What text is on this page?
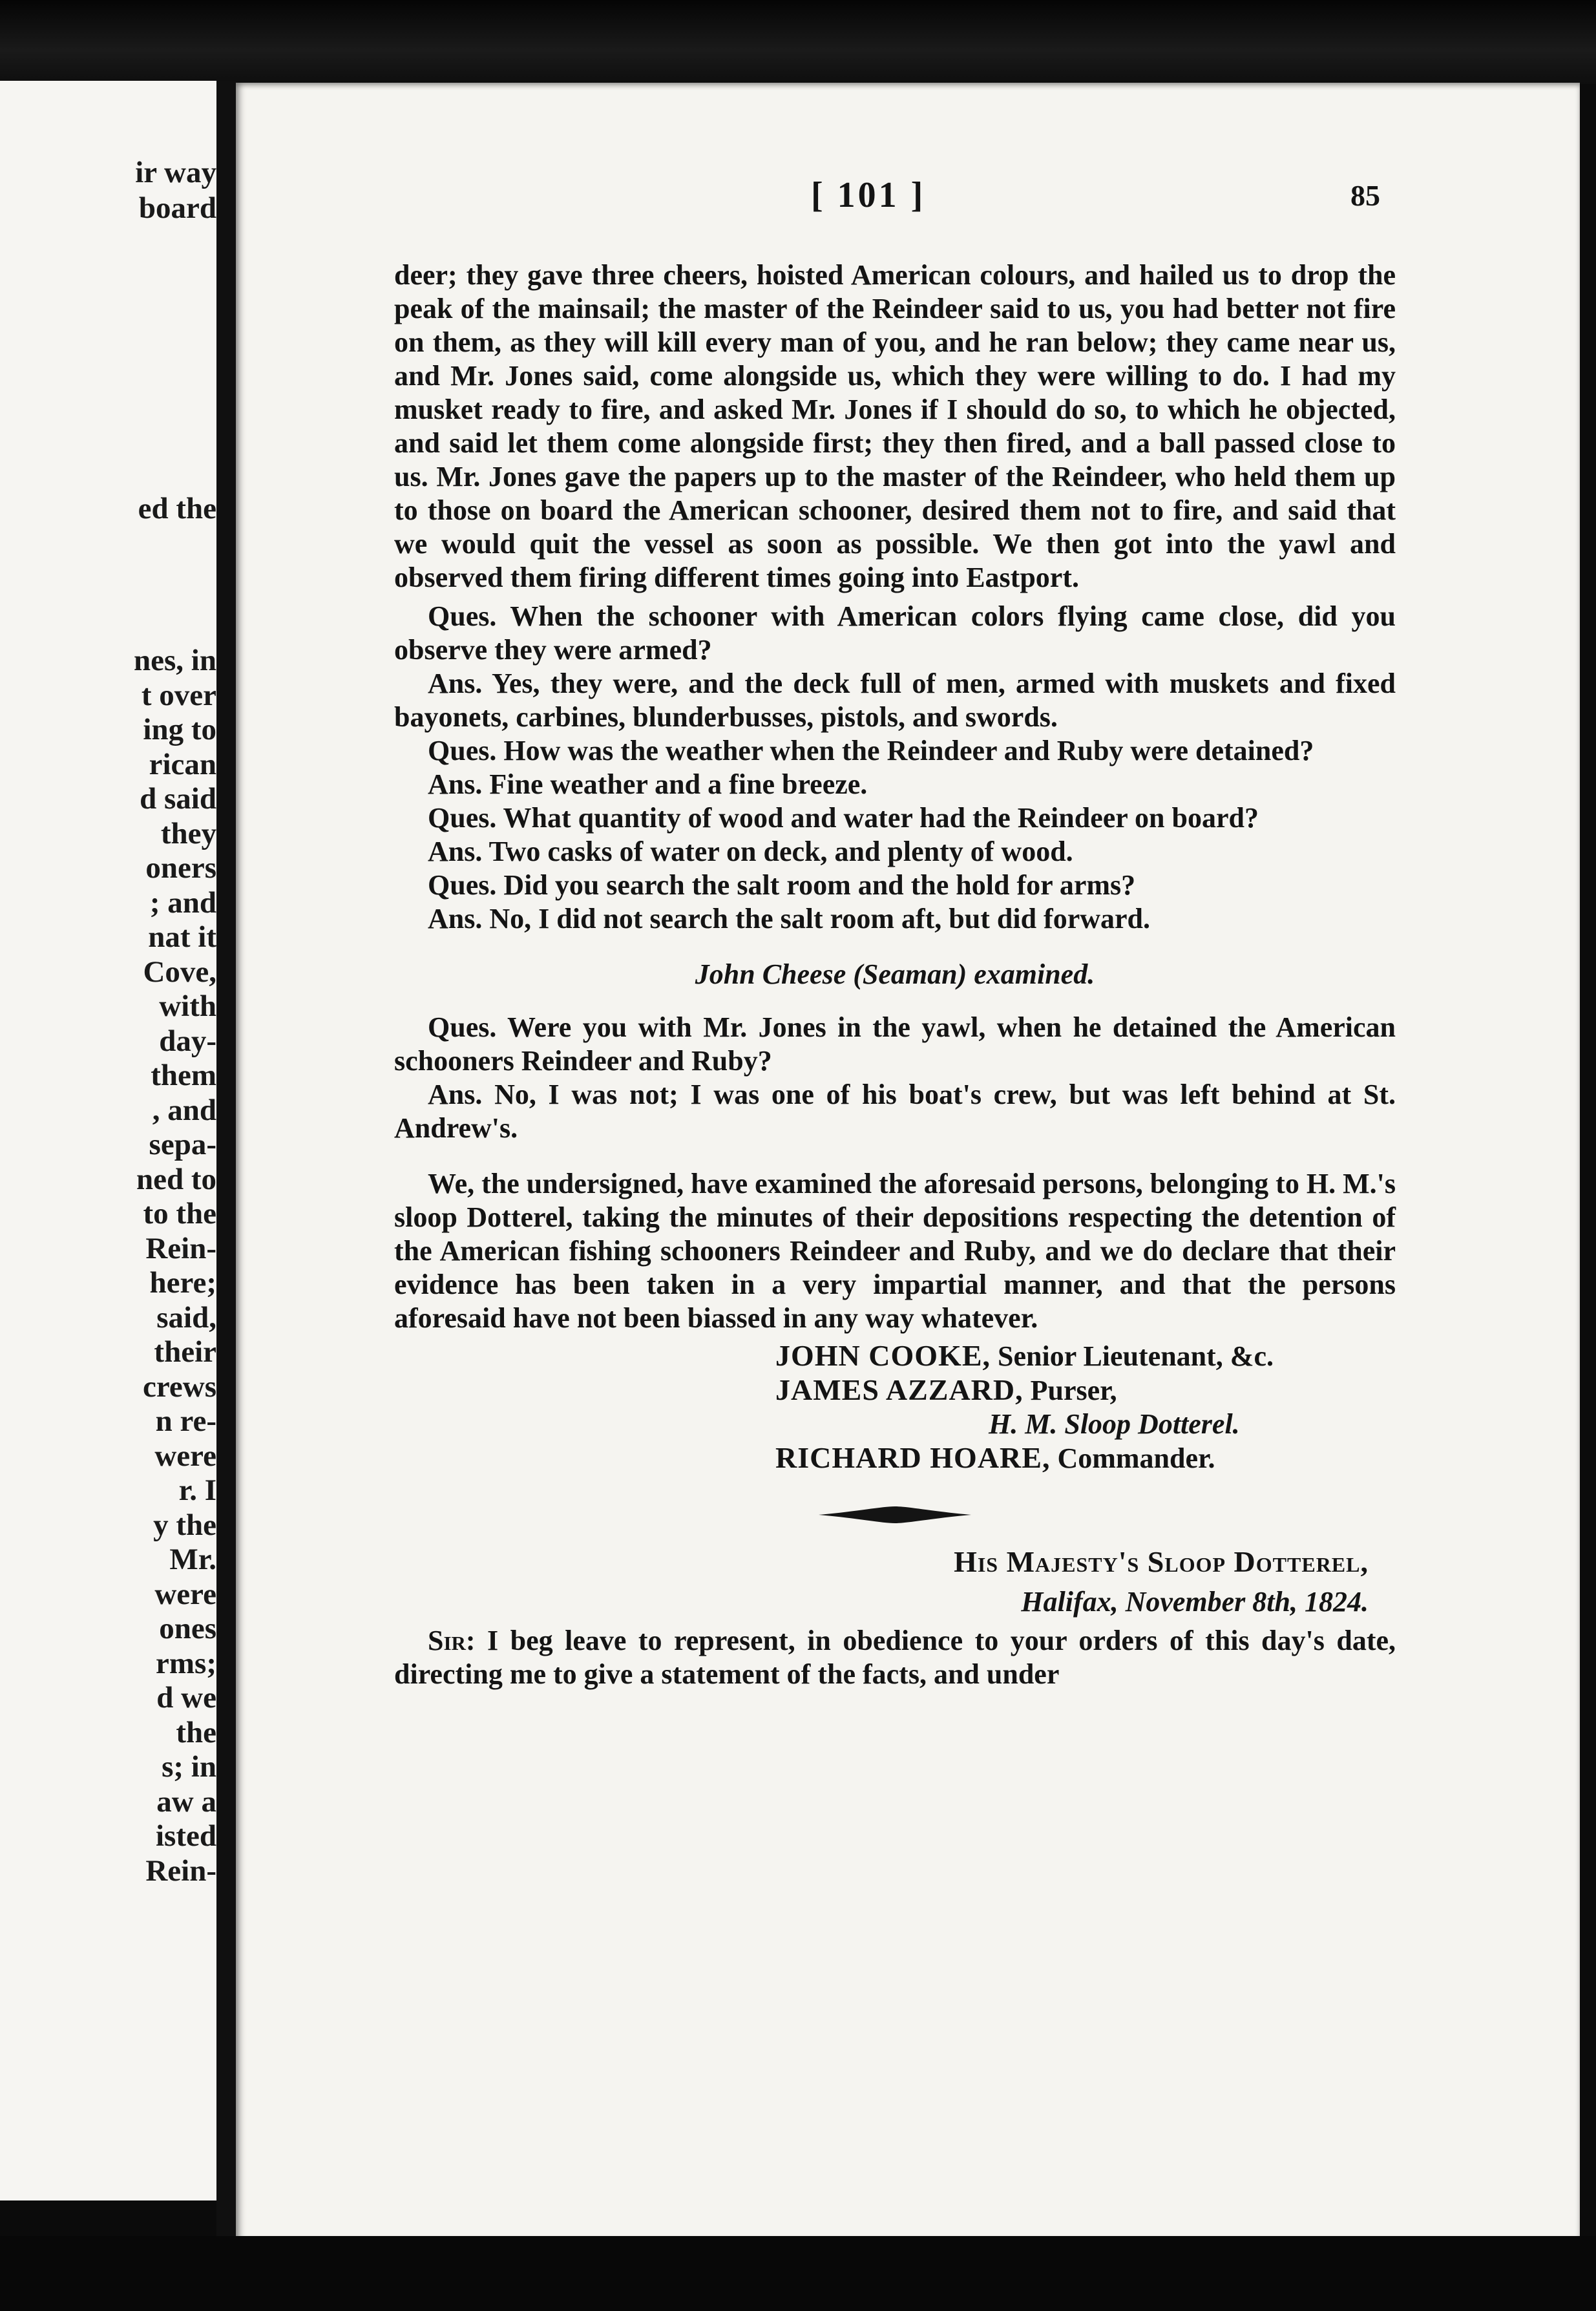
ir way
board
ed the
nes, in
t over
ing to
rican
d said
they
oners
; and
nat it
Cove,
with
day-
them
, and
sepa-
ned to
to the
Rein-
here;
said,
their
crews
n re-
were
r. I
y the
Mr.
were
ones
rms;
d we
the
s; in
aw a
isted
Rein-
[ 101 ]	85

deer; they gave three cheers, hoisted American colours, and hailed us to drop the peak of the mainsail; the master of the Reindeer said to us, you had better not fire on them, as they will kill every man of you, and he ran below; they came near us, and Mr. Jones said, come alongside us, which they were willing to do. I had my musket ready to fire, and asked Mr. Jones if I should do so, to which he objected, and said let them come alongside first; they then fired, and a ball passed close to us. Mr. Jones gave the papers up to the master of the Reindeer, who held them up to those on board the American schooner, desired them not to fire, and said that we would quit the vessel as soon as possible. We then got into the yawl and observed them firing different times going into Eastport.

Ques. When the schooner with American colors flying came close, did you observe they were armed?

Ans. Yes, they were, and the deck full of men, armed with muskets and fixed bayonets, carbines, blunderbusses, pistols, and swords.

Ques. How was the weather when the Reindeer and Ruby were detained?

Ans. Fine weather and a fine breeze.

Ques. What quantity of wood and water had the Reindeer on board?

Ans. Two casks of water on deck, and plenty of wood.

Ques. Did you search the salt room and the hold for arms?

Ans. No, I did not search the salt room aft, but did forward.

John Cheese (Seaman) examined.

Ques. Were you with Mr. Jones in the yawl, when he detained the American schooners Reindeer and Ruby?

Ans. No, I was not; I was one of his boat's crew, but was left behind at St. Andrew's.

We, the undersigned, have examined the aforesaid persons, belonging to H. M.'s sloop Dotterel, taking the minutes of their depositions respecting the detention of the American fishing schooners Reindeer and Ruby, and we do declare that their evidence has been taken in a very impartial manner, and that the persons aforesaid have not been biassed in any way whatever.

JOHN COOKE, Senior Lieutenant, &c.
JAMES AZZARD, Purser,
H. M. Sloop Dotterel.
RICHARD HOARE, Commander.
His Majesty's Sloop Dotterel,
Halifax, November 8th, 1824.

Sir: I beg leave to represent, in obedience to your orders of this day's date, directing me to give a statement of the facts, and under
